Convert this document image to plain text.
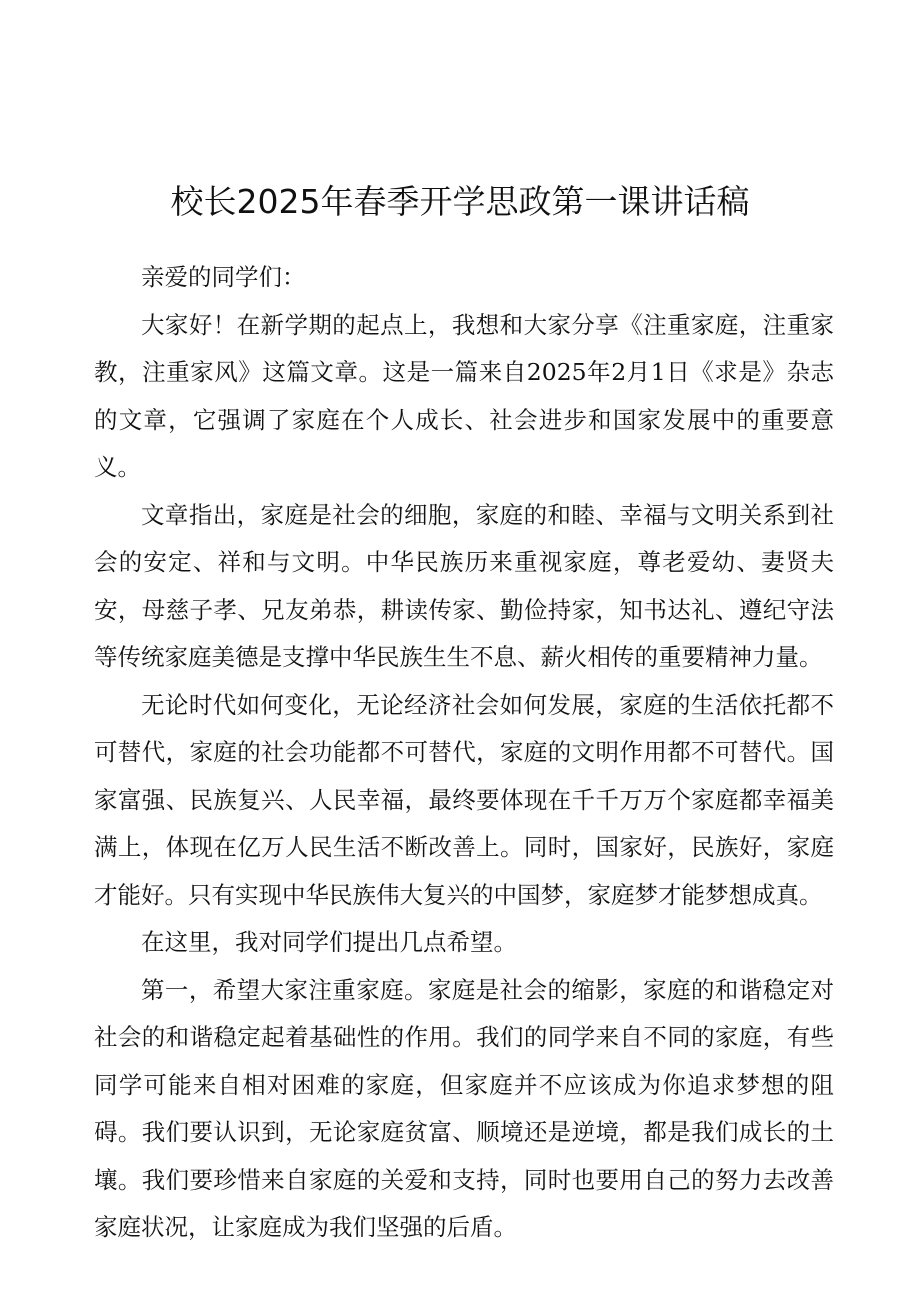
校长2025年春季开学思政第一课讲话稿

亲爱的同学们：

大家好！在新学期的起点上，我想和大家分享《注重家庭，注重家教，注重家风》这篇文章。这是一篇来自2025年2月1日《求是》杂志的文章，它强调了家庭在个人成长、社会进步和国家发展中的重要意义。

文章指出，家庭是社会的细胞，家庭的和睦、幸福与文明关系到社会的安定、祥和与文明。中华民族历来重视家庭，尊老爱幼、妻贤夫安，母慈子孝、兄友弟恭，耕读传家、勤俭持家，知书达礼、遵纪守法等传统家庭美德是支撑中华民族生生不息、薪火相传的重要精神力量。

无论时代如何变化，无论经济社会如何发展，家庭的生活依托都不可替代，家庭的社会功能都不可替代，家庭的文明作用都不可替代。国家富强、民族复兴、人民幸福，最终要体现在千千万万个家庭都幸福美满上，体现在亿万人民生活不断改善上。同时，国家好，民族好，家庭才能好。只有实现中华民族伟大复兴的中国梦，家庭梦才能梦想成真。

在这里，我对同学们提出几点希望。

第一，希望大家注重家庭。家庭是社会的缩影，家庭的和谐稳定对社会的和谐稳定起着基础性的作用。我们的同学来自不同的家庭，有些同学可能来自相对困难的家庭，但家庭并不应该成为你追求梦想的阻碍。我们要认识到，无论家庭贫富、顺境还是逆境，都是我们成长的土壤。我们要珍惜来自家庭的关爱和支持，同时也要用自己的努力去改善家庭状况，让家庭成为我们坚强的后盾。
